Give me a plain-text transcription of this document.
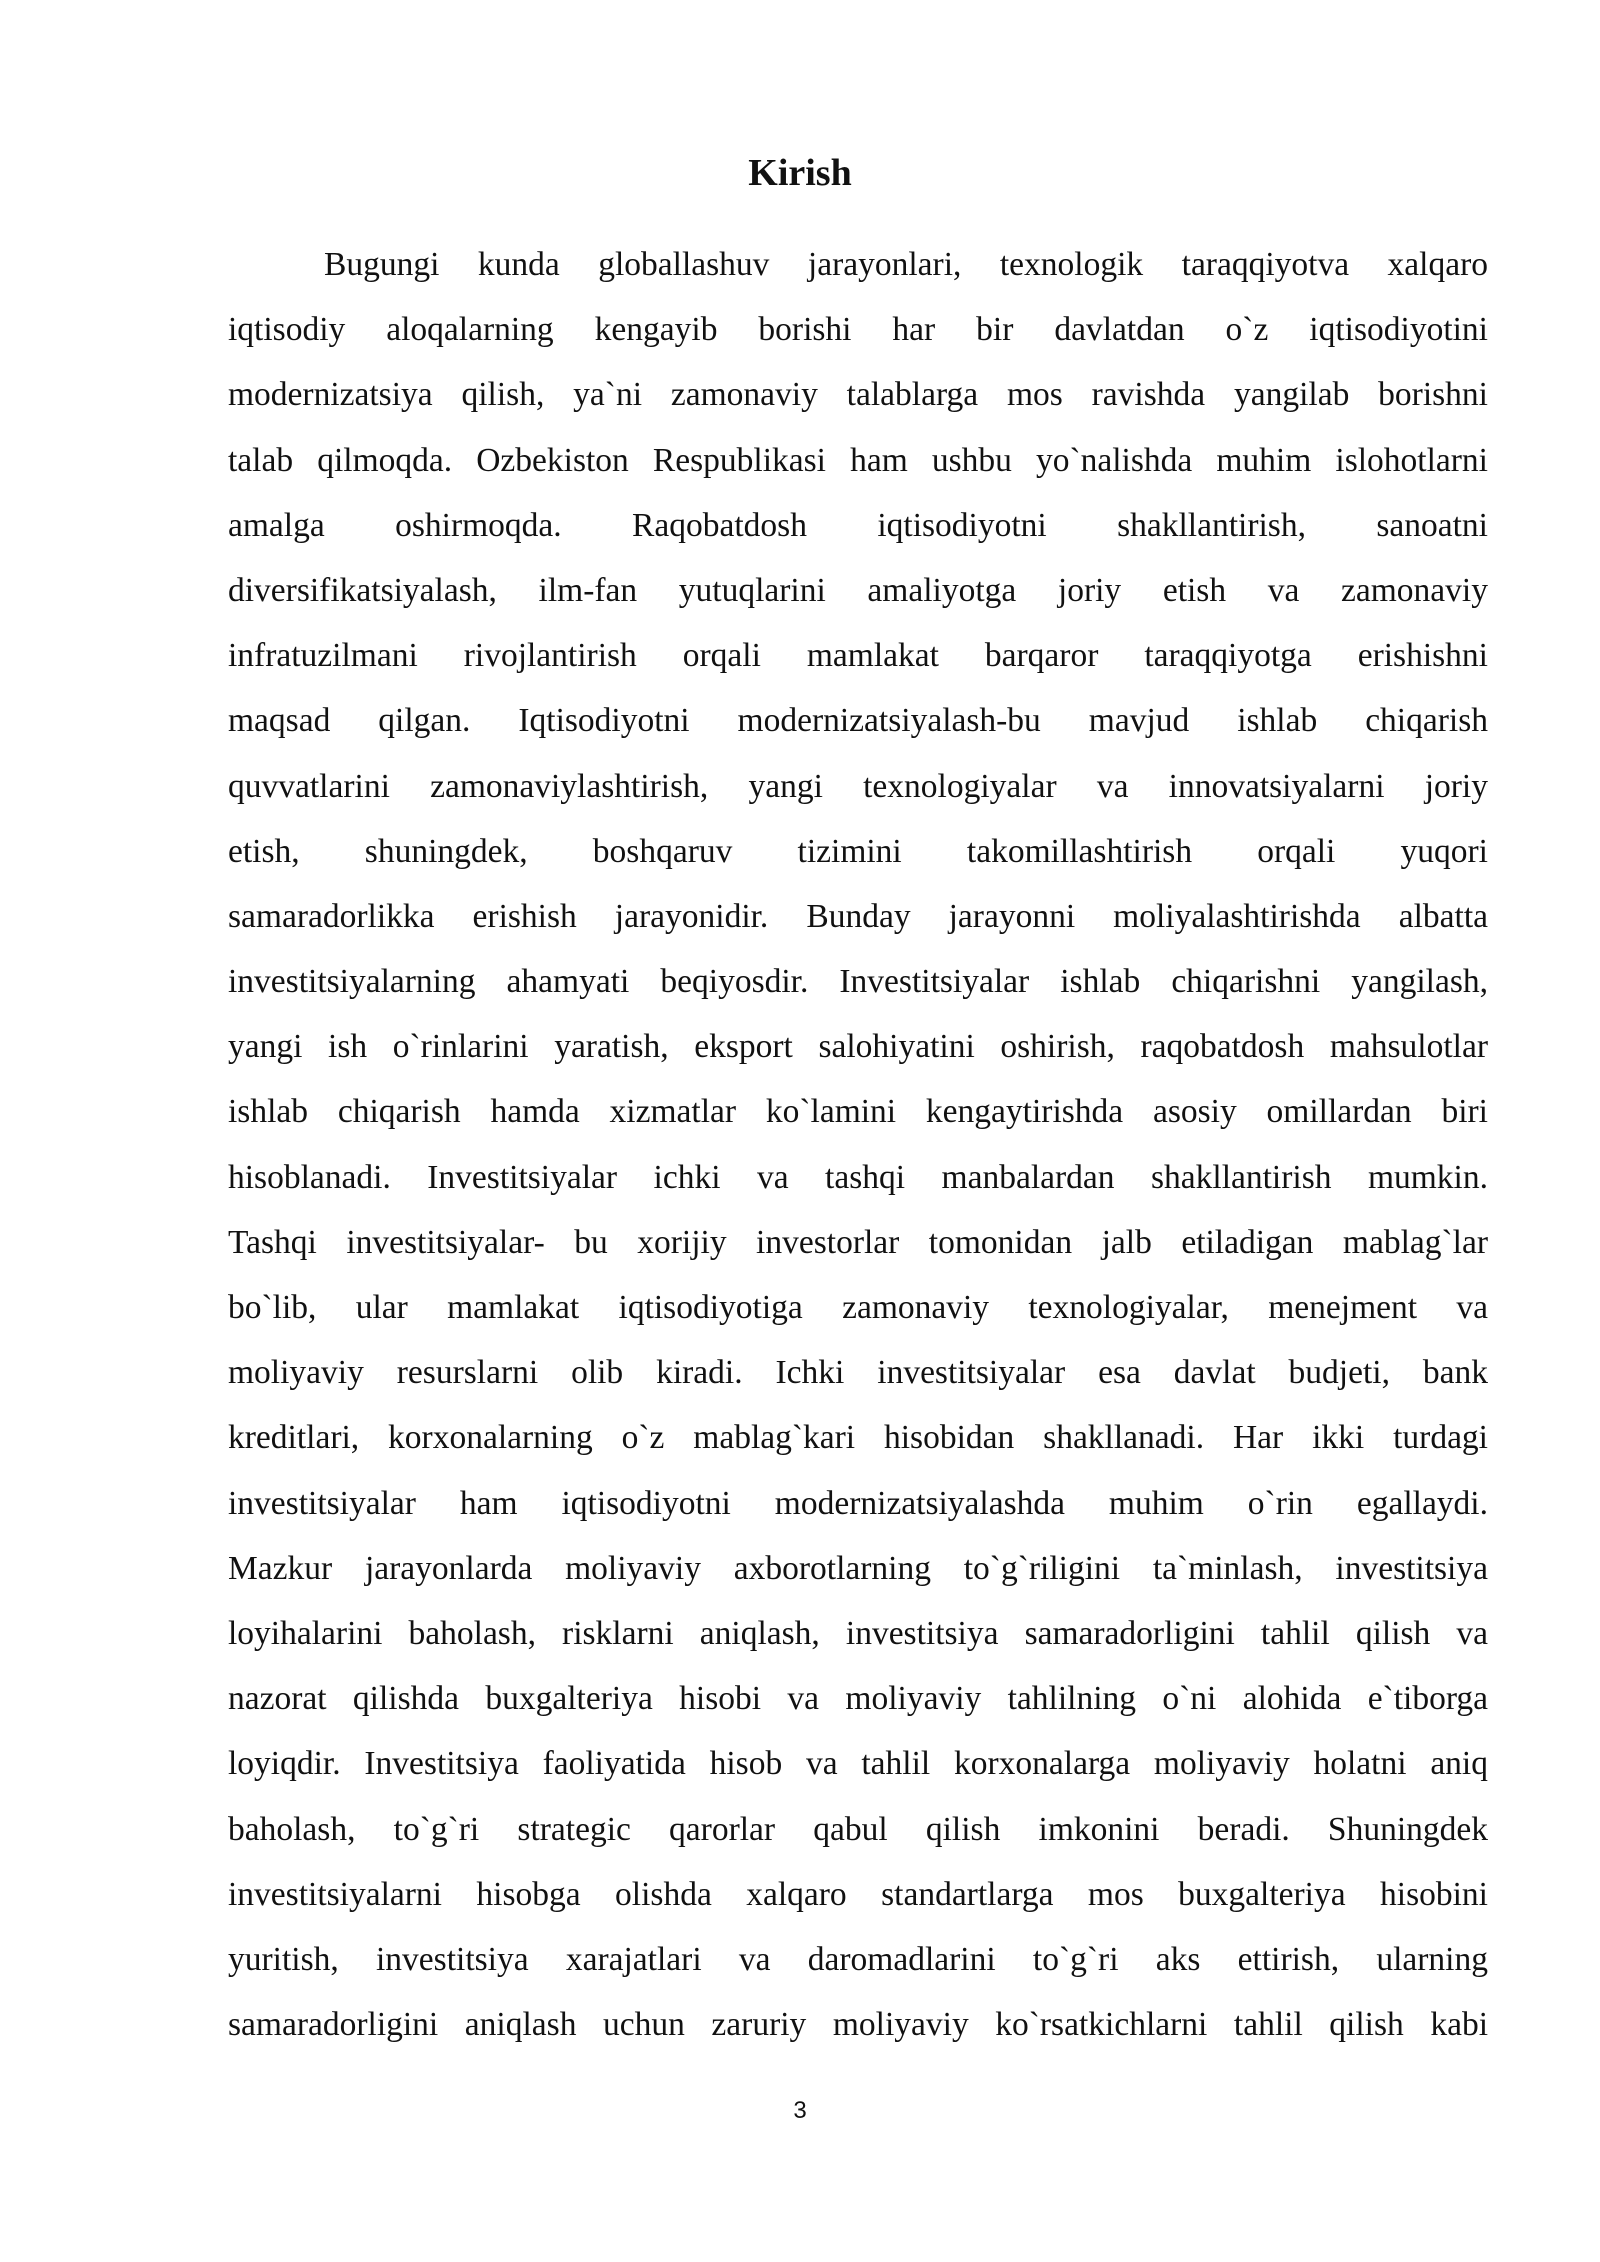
Kirish
Bugungi kunda globallashuv jarayonlari, texnologik taraqqiyotva xalqaro
iqtisodiy aloqalarning kengayib borishi har bir davlatdan o`z iqtisodiyotini
modernizatsiya qilish, ya`ni zamonaviy talablarga mos ravishda yangilab borishni
talab qilmoqda. Ozbekiston Respublikasi ham ushbu yo`nalishda muhim islohotlarni
amalga oshirmoqda. Raqobatdosh iqtisodiyotni shakllantirish, sanoatni
diversifikatsiyalash, ilm-fan yutuqlarini amaliyotga joriy etish va zamonaviy
infratuzilmani rivojlantirish orqali mamlakat barqaror taraqqiyotga erishishni
maqsad qilgan. Iqtisodiyotni modernizatsiyalash-bu mavjud ishlab chiqarish
quvvatlarini zamonaviylashtirish, yangi texnologiyalar va innovatsiyalarni joriy
etish, shuningdek, boshqaruv tizimini takomillashtirish orqali yuqori
samaradorlikka erishish jarayonidir. Bunday jarayonni moliyalashtirishda albatta
investitsiyalarning ahamyati beqiyosdir. Investitsiyalar ishlab chiqarishni yangilash,
yangi ish o`rinlarini yaratish, eksport salohiyatini oshirish, raqobatdosh mahsulotlar
ishlab chiqarish hamda xizmatlar ko`lamini kengaytirishda asosiy omillardan biri
hisoblanadi. Investitsiyalar ichki va tashqi manbalardan shakllantirish mumkin.
Tashqi investitsiyalar- bu xorijiy investorlar tomonidan jalb etiladigan mablag`lar
bo`lib, ular mamlakat iqtisodiyotiga zamonaviy texnologiyalar, menejment va
moliyaviy resurslarni olib kiradi. Ichki investitsiyalar esa davlat budjeti, bank
kreditlari, korxonalarning o`z mablag`kari hisobidan shakllanadi. Har ikki turdagi
investitsiyalar ham iqtisodiyotni modernizatsiyalashda muhim o`rin egallaydi.
Mazkur jarayonlarda moliyaviy axborotlarning to`g`riligini ta`minlash, investitsiya
loyihalarini baholash, risklarni aniqlash, investitsiya samaradorligini tahlil qilish va
nazorat qilishda buxgalteriya hisobi va moliyaviy tahlilning o`ni alohida e`tiborga
loyiqdir. Investitsiya faoliyatida hisob va tahlil korxonalarga moliyaviy holatni aniq
baholash, to`g`ri strategic qarorlar qabul qilish imkonini beradi. Shuningdek
investitsiyalarni hisobga olishda xalqaro standartlarga mos buxgalteriya hisobini
yuritish, investitsiya xarajatlari va daromadlarini to`g`ri aks ettirish, ularning
samaradorligini aniqlash uchun zaruriy moliyaviy ko`rsatkichlarni tahlil qilish kabi
3
